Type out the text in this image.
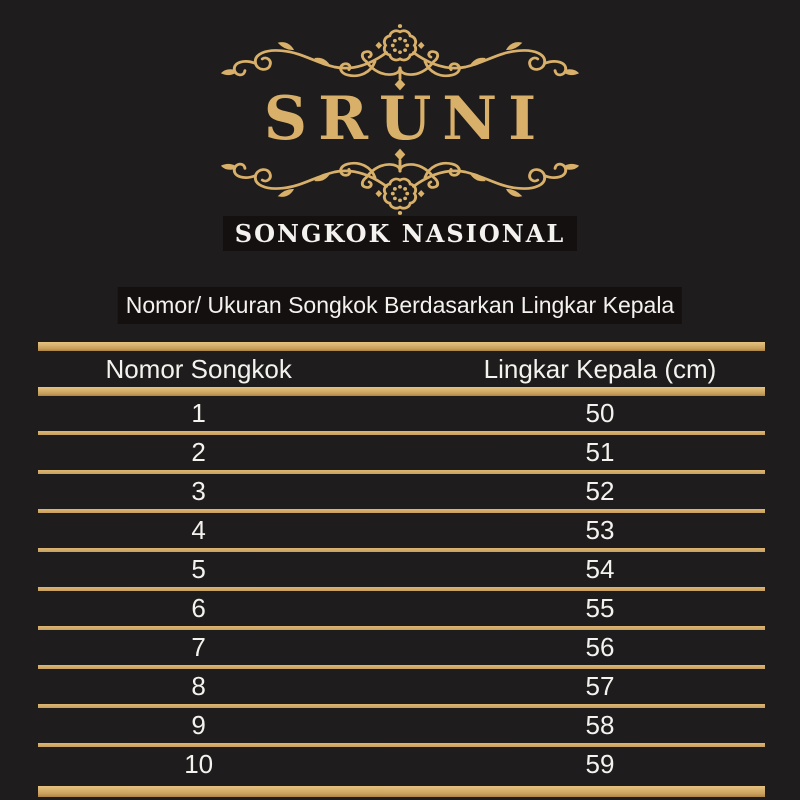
SRUNI
SONGKOK NASIONAL
Nomor/ Ukuran Songkok Berdasarkan Lingkar Kepala
Nomor Songkok	Lingkar Kepala (cm)
1	50
2	51
3	52
4	53
5	54
6	55
7	56
8	57
9	58
10	59
